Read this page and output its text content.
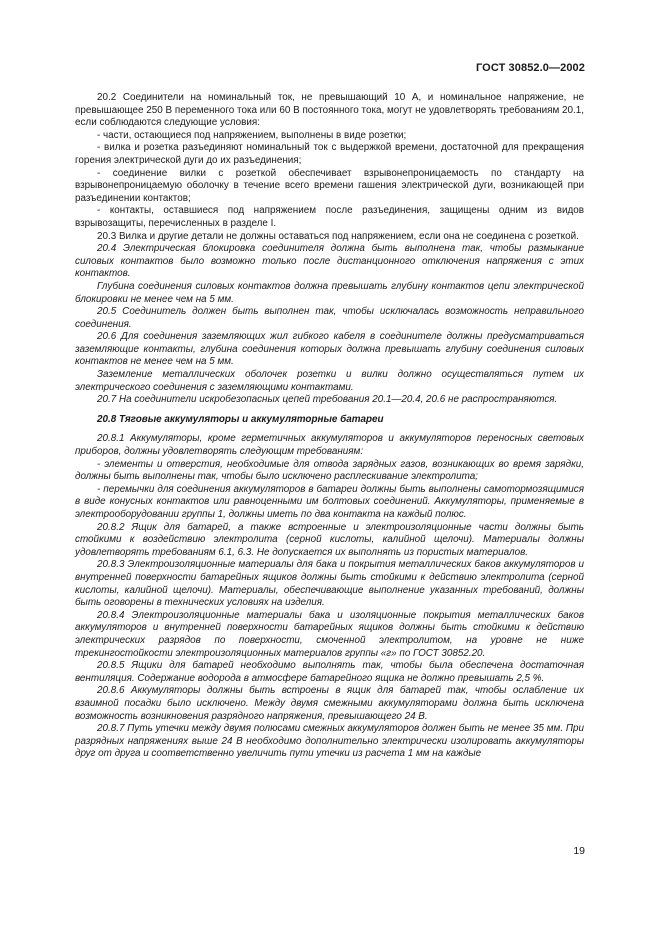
ГОСТ 30852.0—2002

20.2 Соединители на номинальный ток, не превышающий 10 А, и номинальное напряжение, не превышающее 250 В переменного тока или 60 В постоянного тока, могут не удовлетворять требованиям 20.1, если соблюдаются следующие условия:

- части, остающиеся под напряжением, выполнены в виде розетки;

- вилка и розетка разъединяют номинальный ток с выдержкой времени, достаточной для прекращения горения электрической дуги до их разъединения;

- соединение вилки с розеткой обеспечивает взрывонепроницаемость по стандарту на взрывонепроницаемую оболочку в течение всего времени гашения электрической дуги, возникающей при разъединении контактов;

- контакты, оставшиеся под напряжением после разъединения, защищены одним из видов взрывозащиты, перечисленных в разделе I.

20.3 Вилка и другие детали не должны оставаться под напряжением, если она не соединена с розеткой.

20.4 Электрическая блокировка соединителя должна быть выполнена так, чтобы размыкание силовых контактов было возможно только после дистанционного отключения напряжения с этих контактов.

Глубина соединения силовых контактов должна превышать глубину контактов цепи электрической блокировки не менее чем на 5 мм.

20.5 Соединитель должен быть выполнен так, чтобы исключалась возможность неправильного соединения.

20.6 Для соединения заземляющих жил гибкого кабеля в соединителе должны предусматриваться заземляющие контакты, глубина соединения которых должна превышать глубину соединения силовых контактов не менее чем на 5 мм.

Заземление металлических оболочек розетки и вилки должно осуществляться путем их электрического соединения с заземляющими контактами.

20.7 На соединители искробезопасных цепей требования 20.1—20.4, 20.6 не распространяются.

20.8 Тяговые аккумуляторы и аккумуляторные батареи

20.8.1 Аккумуляторы, кроме герметичных аккумуляторов и аккумуляторов переносных световых приборов, должны удовлетворять следующим требованиям:

- элементы и отверстия, необходимые для отвода зарядных газов, возникающих во время зарядки, должны быть выполнены так, чтобы было исключено расплескивание электролита;

- перемычки для соединения аккумуляторов в батареи должны быть выполнены самотормозящимися в виде конусных контактов или равноценными им болтовых соединений. Аккумуляторы, применяемые в электрооборудовании группы 1, должны иметь по два контакта на каждый полюс.

20.8.2 Ящик для батарей, а также встроенные и электроизоляционные части должны быть стойкими к воздействию электролита (серной кислоты, калийной щелочи). Материалы должны удовлетворять требованиям 6.1, 6.3. Не допускается их выполнять из пористых материалов.

20.8.3 Электроизоляционные материалы для бака и покрытия металлических баков аккумуляторов и внутренней поверхности батарейных ящиков должны быть стойкими к действию электролита (серной кислоты, калийной щелочи). Материалы, обеспечивающие выполнение указанных требований, должны быть оговорены в технических условиях на изделия.

20.8.4 Электроизоляционные материалы бака и изоляционные покрытия металлических баков аккумуляторов и внутренней поверхности батарейных ящиков должны быть стойкими к действию электрических разрядов по поверхности, смоченной электролитом, на уровне не ниже трекингостойкости электроизоляционных материалов группы «г» по ГОСТ 30852.20.

20.8.5 Ящики для батарей необходимо выполнять так, чтобы была обеспечена достаточная вентиляция. Содержание водорода в атмосфере батарейного ящика не должно превышать 2,5 %.

20.8.6 Аккумуляторы должны быть встроены в ящик для батарей так, чтобы ослабление их взаимной посадки было исключено. Между двумя смежными аккумуляторами должна быть исключена возможность возникновения разрядного напряжения, превышающего 24 В.

20.8.7 Путь утечки между двумя полюсами смежных аккумуляторов должен быть не менее 35 мм. При разрядных напряжениях выше 24 В необходимо дополнительно электрически изолировать аккумуляторы друг от друга и соответственно увеличить пути утечки из расчета 1 мм на каждые

19
